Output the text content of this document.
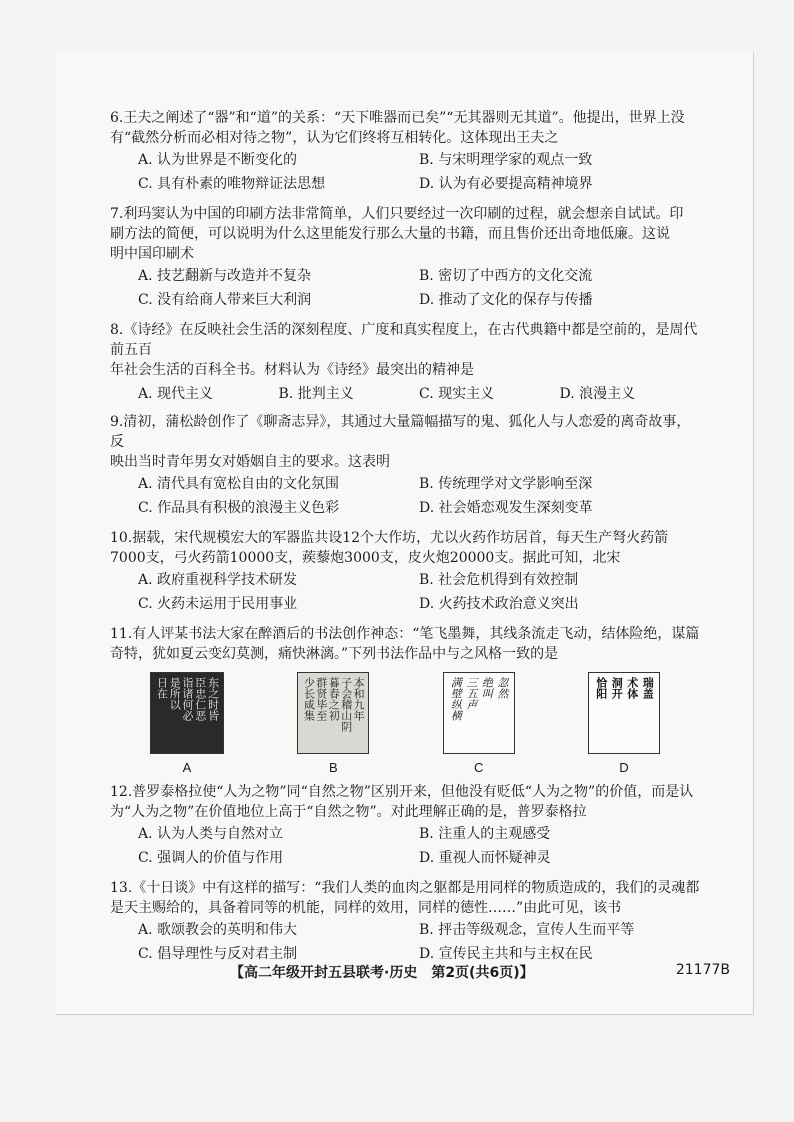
6.王夫之阐述了“器”和“道”的关系：“天下唯器而已矣”“无其器则无其道”。他提出，世界上没

有“截然分析而必相对待之物”，认为它们终将互相转化。这体现出王夫之

A. 认为世界是不断变化的	B. 与宋明理学家的观点一致
C. 具有朴素的唯物辩证法思想	D. 认为有必要提高精神境界

7.利玛窦认为中国的印刷方法非常简单，人们只要经过一次印刷的过程，就会想亲自试试。印

刷方法的简便，可以说明为什么这里能发行那么大量的书籍，而且售价还出奇地低廉。这说

明中国印刷术

A. 技艺翻新与改造并不复杂	B. 密切了中西方的文化交流
C. 没有给商人带来巨大利润	D. 推动了文化的保存与传播

8.《诗经》在反映社会生活的深刻程度、广度和真实程度上，在古代典籍中都是空前的，是周代前五百

年社会生活的百科全书。材料认为《诗经》最突出的精神是

A. 现代主义	B. 批判主义	C. 现实主义	D. 浪漫主义

9.清初，蒲松龄创作了《聊斋志异》，其通过大量篇幅描写的鬼、狐化人与人恋爱的离奇故事，反

映出当时青年男女对婚姻自主的要求。这表明

A. 清代具有宽松自由的文化氛围	B. 传统理学对文学影响至深
C. 作品具有积极的浪漫主义色彩	D. 社会婚恋观发生深刻变革

10.据载，宋代规模宏大的军器监共设12个大作坊，尤以火药作坊居首，每天生产弩火药箭

7000支，弓火药箭10000支，蒺藜炮3000支，皮火炮20000支。据此可知，北宋

A. 政府重视科学技术研发	B. 社会危机得到有效控制
C. 火药未运用于民用事业	D. 火药技术政治意义突出

11.有人评某书法大家在醉酒后的书法创作神态：“笔飞墨舞，其线条流走飞动，结体险绝，谋篇

奇特，犹如夏云变幻莫测，痛快淋漓。”下列书法作品中与之风格一致的是

东之时皆
臣忠仁恶
诣诸何必
是所以
日在
A
本和九年
子会稽山阴
暮春之初
群贤毕至
少长咸集
B
忽然
绝叫
三五声
满壁纵横
C
瑞盖
术体
洞开
恰阳
D

12.普罗泰格拉使“人为之物”同“自然之物”区别开来，但他没有贬低“人为之物”的价值，而是认

为“人为之物”在价值地位上高于“自然之物”。对此理解正确的是，普罗泰格拉

A. 认为人类与自然对立	B. 注重人的主观感受
C. 强调人的价值与作用	D. 重视人而怀疑神灵

13.《十日谈》中有这样的描写：“我们人类的血肉之躯都是用同样的物质造成的，我们的灵魂都

是天主赐给的，具备着同等的机能，同样的效用，同样的德性……”由此可见，该书

A. 歌颂教会的英明和伟大	B. 抨击等级观念，宣传人生而平等
C. 倡导理性与反对君主制	D. 宣传民主共和与主权在民
【高二年级开封五县联考·历史　第2页(共6页)】	21177B
